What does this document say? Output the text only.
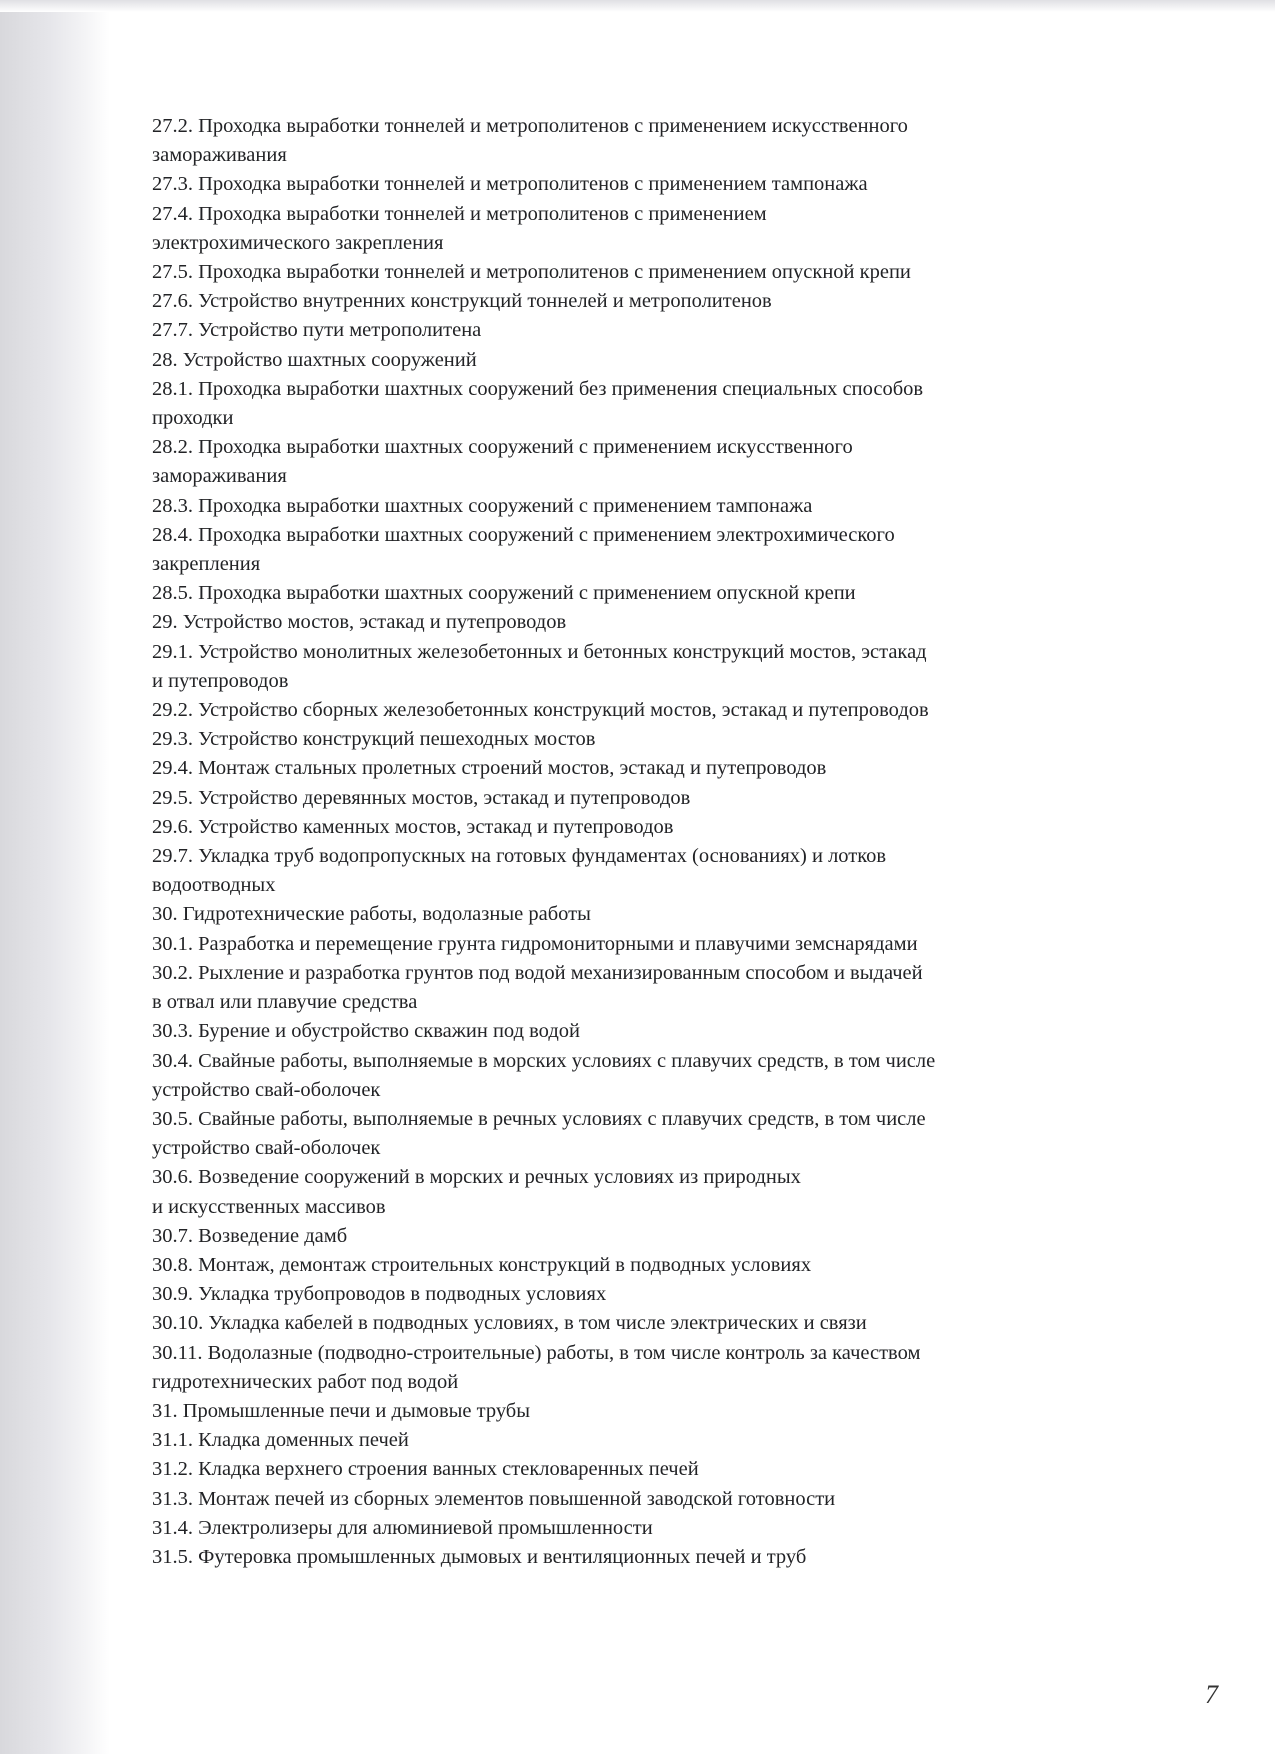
27.2. Проходка выработки тоннелей и метрополитенов с применением искусственного

замораживания

27.3. Проходка выработки тоннелей и метрополитенов с применением тампонажа

27.4. Проходка выработки тоннелей и метрополитенов с применением

электрохимического закрепления

27.5. Проходка выработки тоннелей и метрополитенов с применением опускной крепи

27.6. Устройство внутренних конструкций тоннелей и метрополитенов

27.7. Устройство пути метрополитена

28. Устройство шахтных сооружений

28.1. Проходка выработки шахтных сооружений без применения специальных способов

проходки

28.2. Проходка выработки шахтных сооружений с применением искусственного

замораживания

28.3. Проходка выработки шахтных сооружений с применением тампонажа

28.4. Проходка выработки шахтных сооружений с применением электрохимического

закрепления

28.5. Проходка выработки шахтных сооружений с применением опускной крепи

29. Устройство мостов, эстакад и путепроводов

29.1. Устройство монолитных железобетонных и бетонных конструкций мостов, эстакад

и путепроводов

29.2. Устройство сборных железобетонных конструкций мостов, эстакад и путепроводов

29.3. Устройство конструкций пешеходных мостов

29.4. Монтаж стальных пролетных строений мостов, эстакад и путепроводов

29.5. Устройство деревянных мостов, эстакад и путепроводов

29.6. Устройство каменных мостов, эстакад и путепроводов

29.7. Укладка труб водопропускных на готовых фундаментах (основаниях) и лотков

водоотводных

30. Гидротехнические работы, водолазные работы

30.1. Разработка и перемещение грунта гидромониторными и плавучими земснарядами

30.2. Рыхление и разработка грунтов под водой механизированным способом и выдачей

в отвал или плавучие средства

30.3. Бурение и обустройство скважин под водой

30.4. Свайные работы, выполняемые в морских условиях с плавучих средств, в том числе

устройство свай-оболочек

30.5. Свайные работы, выполняемые в речных условиях с плавучих средств, в том числе

устройство свай-оболочек

30.6. Возведение сооружений в морских и речных условиях из природных

и искусственных массивов

30.7. Возведение дамб

30.8. Монтаж, демонтаж строительных конструкций в подводных условиях

30.9. Укладка трубопроводов в подводных условиях

30.10. Укладка кабелей в подводных условиях, в том числе электрических и связи

30.11. Водолазные (подводно-строительные) работы, в том числе контроль за качеством

гидротехнических работ под водой

31. Промышленные печи и дымовые трубы

31.1. Кладка доменных печей

31.2. Кладка верхнего строения ванных стекловаренных печей

31.3. Монтаж печей из сборных элементов повышенной заводской готовности

31.4. Электролизеры для алюминиевой промышленности

31.5. Футеровка промышленных дымовых и вентиляционных печей и труб

7
